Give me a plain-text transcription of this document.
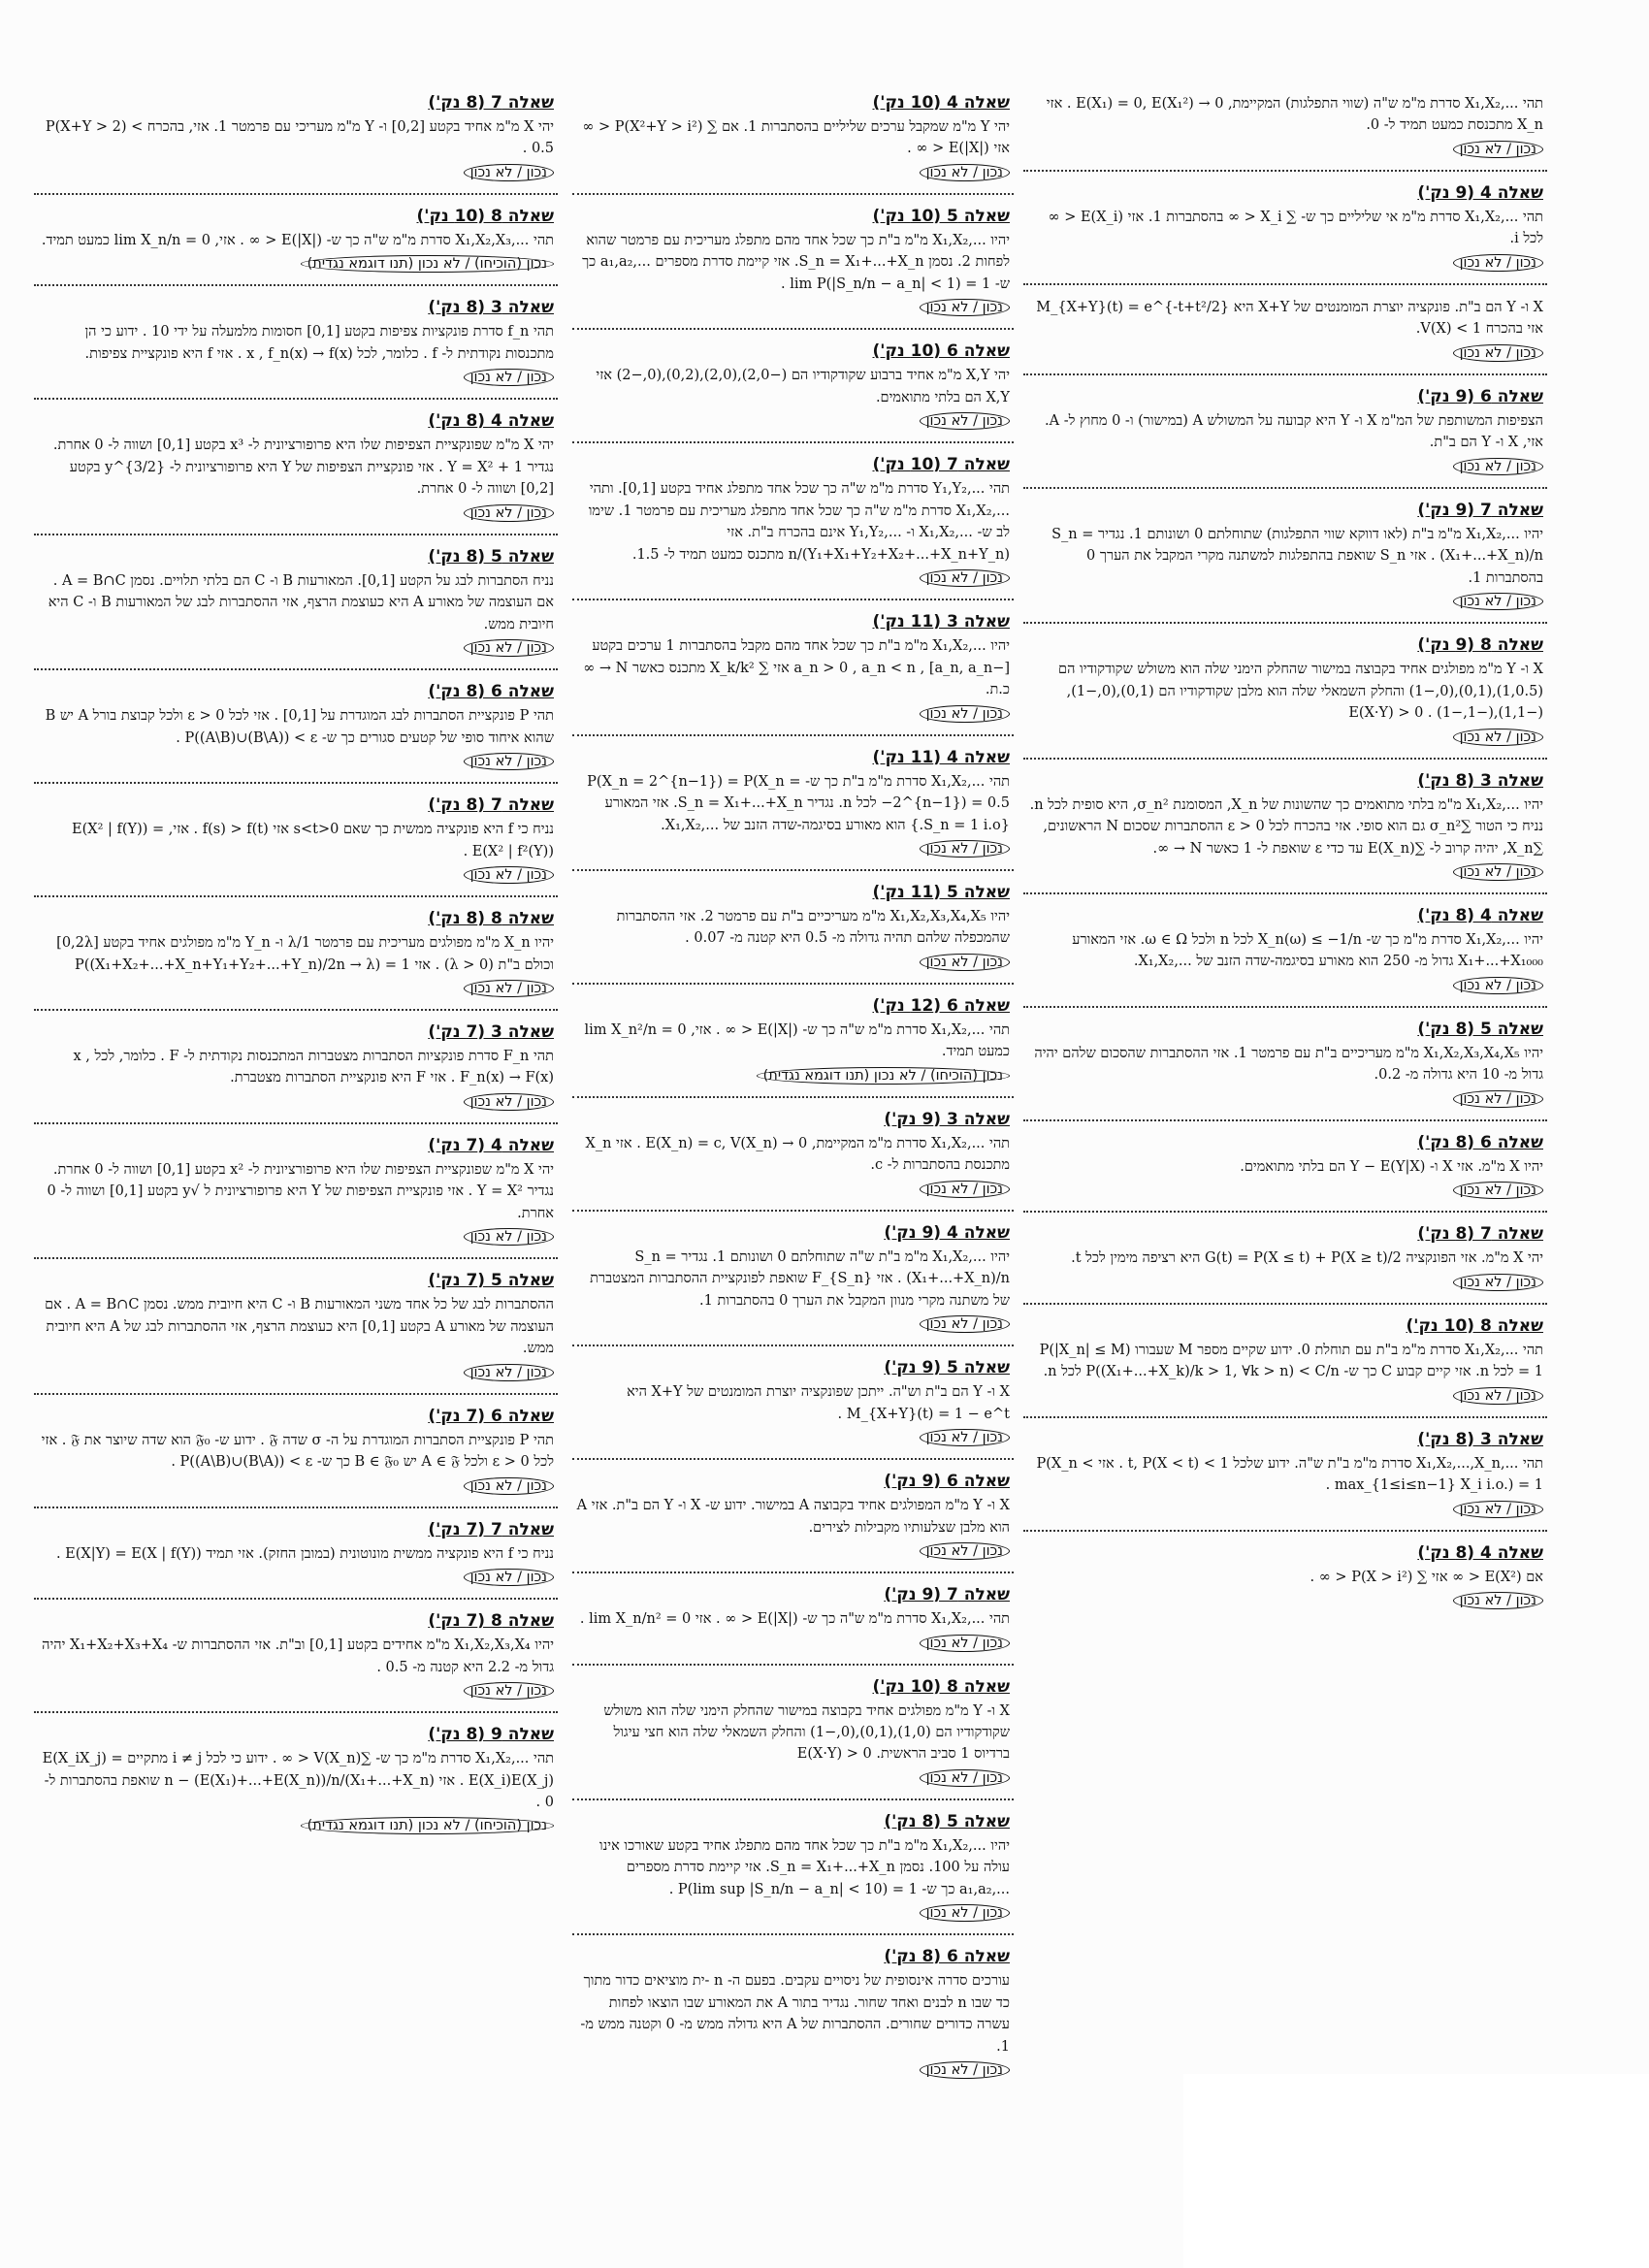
תהי ...,X₁,X₂ סדרת מ"מ ש"ה (שווי התפלגות) המקיימת, E(X₁) = 0, E(X₁²) → 0 . אזי ‎X_n מתכנסת כמעט תמיד ל- 0.
נכון / לא נכון
שאלה 4 (9 נק')
תהי ...,X₁,X₂ סדרת מ"מ אי שליליים כך ש- ∑ X_i < ∞ בהסתברות 1. אזי E(X_i) < ∞ לכל i.
נכון / לא נכון
X ו- Y הם ב"ת. פונקציה יוצרת המומנטים של X+Y היא M_{X+Y}(t) = e^{-t+t²/2} אזי בהכרח V(X) < 1.
נכון / לא נכון
שאלה 6 (9 נק')
הצפיפות המשותפת של המ"מ X ו- Y היא קבועה על המשולש A (במישור) ו- 0 מחוץ ל- A. אזי, X ו- Y הם ב"ת.
נכון / לא נכון
שאלה 7 (9 נק')
יהיו ...,X₁,X₂ מ"מ ב"ת (לאו דווקא שווי התפלגות) שתוחלתם 0 ושונותם 1. נגדיר S_n = (X₁+...+X_n)/n . אזי S_n שואפת בהתפלגות למשתנה מקרי המקבל את הערך 0 בהסתברות 1.
נכון / לא נכון
שאלה 8 (9 נק')
X ו- Y מ"מ מפולגים אחיד בקבוצה במישור שהחלק הימני שלה הוא משולש שקודקודיו הם (1,0.5),(0,1),(0,−1) והחלק השמאלי שלה הוא מלבן שקודקודיו הם (0,1),(0,−1),(−1,1),(−1,−1) . E(X·Y) > 0
נכון / לא נכון
שאלה 3 (8 נק')
יהיו ...,X₁,X₂ מ"מ בלתי מתואמים כך שהשונות של X_n, המסומנת σ_n², היא סופית לכל n. נניח כי הטור ∑σ_n² גם הוא סופי. אזי בהכרח לכל ε > 0 ההסתברות שסכום N הראשונים, ∑X_n, יהיה קרוב ל- ∑E(X_n) עד כדי ε שואפת ל- 1 כאשר N → ∞.
נכון / לא נכון
שאלה 4 (8 נק')
יהיו ...,X₁,X₂ סדרת מ"מ כך ש- X_n(ω) ≤ −1/n לכל n ולכל ω ∈ Ω. אזי המאורע X₁+...+X₁₀₀₀ גדול מ- 250 הוא מאורע בסיגמה-שדה הזנב של ...,X₁,X₂.
נכון / לא נכון
שאלה 5 (8 נק')
יהיו X₁,X₂,X₃,X₄,X₅ מ"מ מעריכיים ב"ת עם פרמטר 1. אזי ההסתברות שהסכום שלהם יהיה גדול מ- 10 היא גדולה מ- 0.2.
נכון / לא נכון
שאלה 6 (8 נק')
יהיו X מ"מ. אזי X ו- Y − E(Y|X) הם בלתי מתואמים.
נכון / לא נכון
שאלה 7 (8 נק')
יהי X מ"מ. אזי הפונקציה G(t) = P(X ≤ t) + P(X ≥ t)/2 היא רציפה מימין לכל t.
נכון / לא נכון
שאלה 8 (10 נק')
תהי ...,X₁,X₂ סדרת מ"מ ב"ת עם תוחלת 0. ידוע שקיים מספר M שעבורו P(|X_n| ≤ M) = 1 לכל n. אזי קיים קבוע C כך ש- P((X₁+...+X_k)/k > 1, ∀k > n) < C/n לכל n.
נכון / לא נכון
שאלה 3 (8 נק')
תהי ...,X₁,X₂,...,X_n סדרת מ"מ ב"ת ש"ה. ידוע שלכל t, P(X < t) < 1 . אזי P(X_n < max_{1≤i≤n−1} X_i i.o.) = 1 .
נכון / לא נכון
שאלה 4 (8 נק')
אם E(X²) < ∞ אזי ∑ P(X > i²) < ∞ .
נכון / לא נכון
שאלה 4 (10 נק')
יהי Y מ"מ שמקבל ערכים שליליים בהסתברות 1. אם ∑ P(X²+Y > i²) < ∞ אזי E(|X|) < ∞ .
נכון / לא נכון
שאלה 5 (10 נק')
יהיו ...,X₁,X₂ מ"מ ב"ת כך שכל אחד מהם מתפלג מעריכית עם פרמטר שהוא לפחות 2. נסמן S_n = X₁+...+X_n. אזי קיימת סדרת מספרים ...,a₁,a₂ כך ש- lim P(|S_n/n − a_n| < 1) = 1 .
נכון / לא נכון
שאלה 6 (10 נק')
יהי X,Y מ"מ אחיד ברבוע שקודקודיו הם (−2,0),(2,0),(0,2),(0,−2) אזי X,Y הם בלתי מתואמים.
נכון / לא נכון
שאלה 7 (10 נק')
תהי ...,Y₁,Y₂ סדרת מ"מ ש"ה כך שכל אחד מתפלג אחיד בקטע [0,1]. ותהי ...,X₁,X₂ סדרת מ"מ ש"ה כך שכל אחד מתפלג מעריכית עם פרמטר 1. שימו לב ש- ...,X₁,X₂ ו- ...,Y₁,Y₂ אינם בהכרח ב"ת. אזי (Y₁+X₁+Y₂+X₂+...+X_n+Y_n)/n מתכנס כמעט תמיד ל- 1.5.
נכון / לא נכון
שאלה 3 (11 נק')
יהיו ...,X₁,X₂ מ"מ ב"ת כך שכל אחד מהם מקבל בהסתברות 1 ערכים בקטע [−a_n, a_n] , a_n > 0 , a_n < n אזי ∑ X_k/k² מתכנס כאשר N → ∞ כ.ת.
נכון / לא נכון
שאלה 4 (11 נק')
תהי ...,X₁,X₂ סדרת מ"מ ב"ת כך ש- P(X_n = 2^{n−1}) = P(X_n = −2^{n−1}) = 0.5 לכל n. נגדיר S_n = X₁+...+X_n. אזי המאורע {S_n = 1 i.o.} הוא מאורע בסיגמה-שדה הזנב של ...,X₁,X₂.
נכון / לא נכון
שאלה 5 (11 נק')
יהיו X₁,X₂,X₃,X₄,X₅ מ"מ מעריכיים ב"ת עם פרמטר 2. אזי ההסתברות שהמכפלה שלהם תהיה גדולה מ- 0.5 היא קטנה מ- 0.07 .
נכון / לא נכון
שאלה 6 (12 נק')
תהי ...,X₁,X₂ סדרת מ"מ ש"ה כך ש- E(|X|) < ∞ . אזי, lim X_n²/n = 0 כמעט תמיד.
נכון (הוכיחו) / לא נכון (תנו דוגמא נגדית)
שאלה 3 (9 נק')
תהי ...,X₁,X₂ סדרת מ"מ המקיימת, E(X_n) = c, V(X_n) → 0 . אזי X_n מתכנסת בהסתברות ל- c.
נכון / לא נכון
שאלה 4 (9 נק')
יהיו ...,X₁,X₂ מ"מ ב"ת ש"ה שתוחלתם 0 ושונותם 1. נגדיר S_n = (X₁+...+X_n)/n . אזי F_{S_n} שואפת לפונקציית ההסתברות המצטברת של משתנה מקרי מנוון המקבל את הערך 0 בהסתברות 1.
נכון / לא נכון
שאלה 5 (9 נק')
X ו- Y הם ב"ת וש"ה. ייתכן שפונקציה יוצרת המומנטים של X+Y היא M_{X+Y}(t) = 1 − e^t .
נכון / לא נכון
שאלה 6 (9 נק')
X ו- Y מ"מ המפולגים אחיד בקבוצה A במישור. ידוע ש- X ו- Y הם ב"ת. אזי A הוא מלבן שצלעותיו מקבילות לצירים.
נכון / לא נכון
שאלה 7 (9 נק')
תהי ...,X₁,X₂ סדרת מ"מ ש"ה כך ש- E(|X|) < ∞ . אזי lim X_n/n² = 0 .
נכון / לא נכון
שאלה 8 (10 נק')
X ו- Y מ"מ מפולגים אחיד בקבוצה במישור שהחלק הימני שלה הוא משולש שקודקודיו הם (1,0),(0,1),(0,−1) והחלק השמאלי שלה הוא חצי עיגול ברדיוס 1 סביב הראשית. E(X·Y) > 0
נכון / לא נכון
שאלה 5 (8 נק')
יהיו ...,X₁,X₂ מ"מ ב"ת כך שכל אחד מהם מתפלג אחיד בקטע שאורכו אינו עולה על 100. נסמן S_n = X₁+...+X_n. אזי קיימת סדרת מספרים ...,a₁,a₂ כך ש- P(lim sup |S_n/n − a_n| < 10) = 1 .
נכון / לא נכון
שאלה 6 (8 נק')
עורכים סדרה אינסופית של ניסויים עקבים. בפעם ה- n -ית מוציאים כדור מתוך כד שבו n לבנים ואחד שחור. נגדיר בתור A את המאורע שבו הוצאו לפחות עשרה כדורים שחורים. ההסתברות של A היא גדולה ממש מ- 0 וקטנה ממש מ- 1.
נכון / לא נכון
שאלה 7 (8 נק')
יהי X מ"מ אחיד בקטע [0,2] ו- Y מ"מ מעריכי עם פרמטר 1. אזי, בהכרח P(X+Y > 2) < 0.5 .
נכון / לא נכון
שאלה 8 (10 נק')
תהי ...,X₁,X₂,X₃ סדרת מ"מ ש"ה כך ש- E(|X|) < ∞ . אזי, lim X_n/n = 0 כמעט תמיד.
נכון (הוכיחו) / לא נכון (תנו דוגמא נגדית)
שאלה 3 (8 נק')
תהי f_n סדרת פונקציות צפיפות בקטע [0,1] חסומות מלמעלה על ידי 10 . ידוע כי הן מתכנסות נקודתית ל- f . כלומר, לכל x , f_n(x) → f(x) . אזי f היא פונקציית צפיפות.
נכון / לא נכון
שאלה 4 (8 נק')
יהי X מ"מ שפונקציית הצפיפות שלו היא פרופורציונית ל- x³ בקטע [0,1] ושווה ל- 0 אחרת. נגדיר Y = X² + 1 . אזי פונקציית הצפיפות של Y היא פרופורציונית ל- y^{3/2} בקטע [0,2] ושווה ל- 0 אחרת.
נכון / לא נכון
שאלה 5 (8 נק')
נניח הסתברות לבג על הקטע [0,1]. המאורעות B ו- C הם בלתי תלויים. נסמן A = B∩C . אם העוצמה של מאורע A היא כעוצמת הרצף, אזי ההסתברות לבג של המאורעות B ו- C היא חיובית ממש.
נכון / לא נכון
שאלה 6 (8 נק')
תהי P פונקציית הסתברות לבג המוגדרת על [0,1] . אזי לכל ε > 0 ולכל קבוצת בורל A יש B שהוא איחוד סופי של קטעים סגורים כך ש- P((A\B)∪(B\A)) < ε .
נכון / לא נכון
שאלה 7 (8 נק')
נניח כי f היא פונקציה ממשית כך שאם 0<s<t אזי f(s) > f(t) . אזי, E(X² | f(Y)) = E(X² | f²(Y)) .
נכון / לא נכון
שאלה 8 (8 נק')
יהיו X_n מ"מ מפולגים מעריכית עם פרמטר 1/λ ו- Y_n מ"מ מפולגים אחיד בקטע [0,2λ] וכולם ב"ת (λ > 0) . אזי P((X₁+X₂+...+X_n+Y₁+Y₂+...+Y_n)/2n → λ) = 1
נכון / לא נכון
שאלה 3 (7 נק')
תהי F_n סדרת פונקציות הסתברות מצטברות המתכנסות נקודתית ל- F . כלומר, לכל x , F_n(x) → F(x) . אזי F היא פונקציית הסתברות מצטברת.
נכון / לא נכון
שאלה 4 (7 נק')
יהי X מ"מ שפונקציית הצפיפות שלו היא פרופורציונית ל- x² בקטע [0,1] ושווה ל- 0 אחרת. נגדיר Y = X² . אזי פונקציית הצפיפות של Y היא פרופורציונית ל √y בקטע [0,1] ושווה ל- 0 אחרת.
נכון / לא נכון
שאלה 5 (7 נק')
ההסתברות לבג של כל אחד משני המאורעות B ו- C היא חיובית ממש. נסמן A = B∩C . אם העוצמה של מאורע A בקטע [0,1] היא כעוצמת הרצף, אזי ההסתברות לבג של A היא חיובית ממש.
נכון / לא נכון
שאלה 6 (7 נק')
תהי P פונקציית הסתברות המוגדרת על ה- σ שדה 𝔉 . ידוע ש- 𝔉₀ הוא שדה שיוצר את 𝔉 . אזי לכל ε > 0 ולכל A ∈ 𝔉 יש B ∈ 𝔉₀ כך ש- P((A\B)∪(B\A)) < ε .
נכון / לא נכון
שאלה 7 (7 נק')
נניח כי f היא פונקציה ממשית מונוטונית (במובן החזק). אזי תמיד E(X|Y) = E(X | f(Y)) .
נכון / לא נכון
שאלה 8 (7 נק')
יהיו X₁,X₂,X₃,X₄ מ"מ אחידים בקטע [0,1] וב"ת. אזי ההסתברות ש- X₁+X₂+X₃+X₄ יהיה גדול מ- 2.2 היא קטנה מ- 0.5 .
נכון / לא נכון
שאלה 9 (8 נק')
תהי ...,X₁,X₂ סדרת מ"מ כך ש- ∑V(X_n) < ∞ . ידוע כי לכל i ≠ j מתקיים E(X_iX_j) = E(X_i)E(X_j) . אזי (X₁+...+X_n)/n − (E(X₁)+...+E(X_n))/n שואפת בהסתברות ל- 0 .
נכון (הוכיחו) / לא נכון (תנו דוגמא נגדית)
